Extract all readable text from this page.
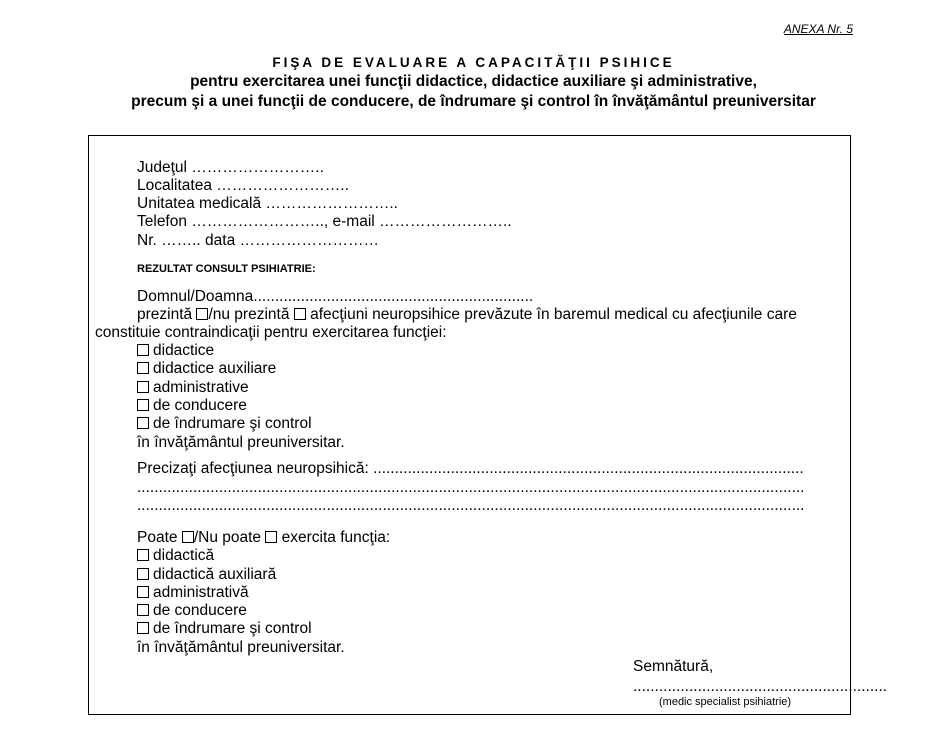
ANEXA Nr. 5
FIŞA DE EVALUARE A CAPACITĂŢII PSIHICE
pentru exercitarea unei funcţii didactice, didactice auxiliare şi administrative,
precum şi a unei funcţii de conducere, de îndrumare şi control în învăţământul preuniversitar
Judeţul ……………………..
Localitatea ……………………..
Unitatea medicală ……………………..
Telefon …………………….., e-mail ……………………..
Nr. …….. data ………………………
REZULTAT CONSULT PSIHIATRIE:
Domnul/Doamna.................................................................
prezintă /nu prezintă  afecţiuni neuropsihice prevăzute în baremul medical cu afecţiunile care
constituie contraindicaţii pentru exercitarea funcţiei:
didactice
didactice auxiliare
administrative
de conducere
de îndrumare şi control
în învăţământul preuniversitar.
Precizaţi afecţiunea neuropsihică: ....................................................................................................
...........................................................................................................................................................
...........................................................................................................................................................
Poate /Nu poate  exercita funcţia:
didactică
didactică auxiliară
administrativă
de conducere
de îndrumare şi control
în învăţământul preuniversitar.
Semnătură,
...........................................................
(medic specialist psihiatrie)
